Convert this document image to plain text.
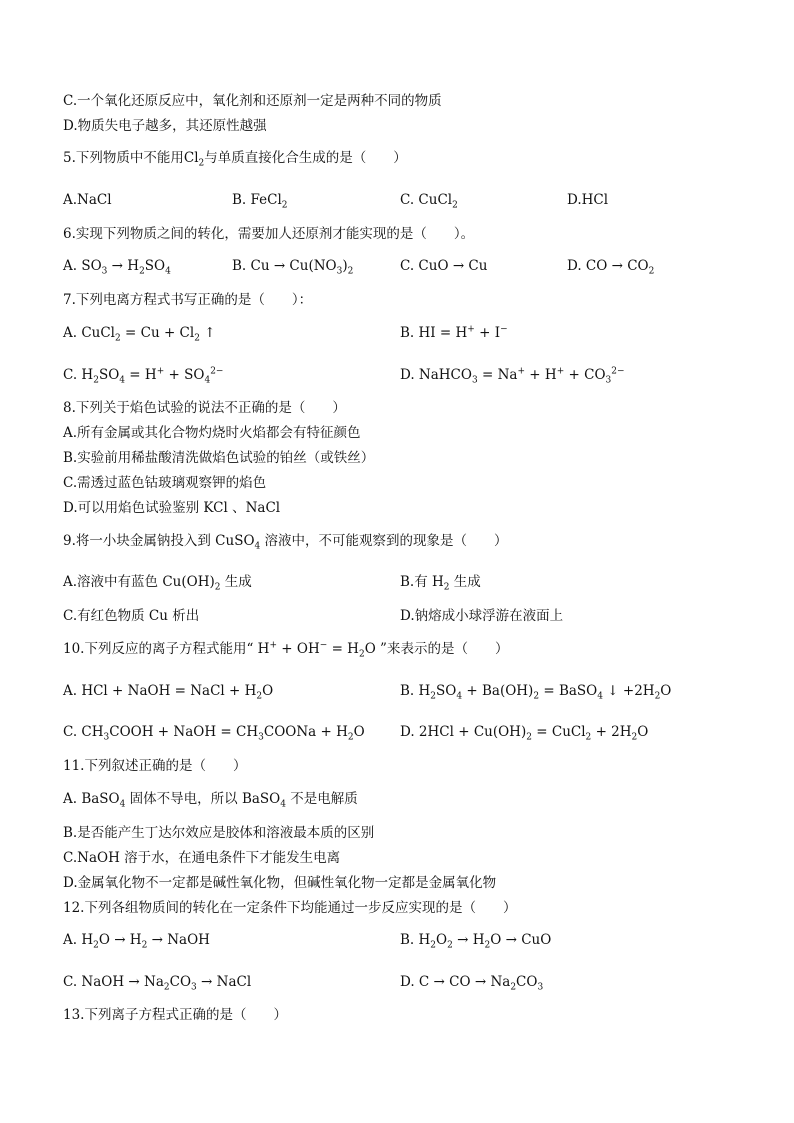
C.一个氧化还原反应中，氧化剂和还原剂一定是两种不同的物质
D.物质失电子越多，其还原性越强
5.下列物质中不能用$Cl_2$与单质直接化合生成的是（　　）
A.NaCl	B. FeCl$_2$	C. CuCl$_2$	D.HCl
6.实现下列物质之间的转化，需要加人还原剂才能实现的是（　　）。
A. $SO_3 \to H_2SO_4$	B. $Cu \to Cu(NO_3)_2$	C. CuO → Cu	D. CO → $CO_2$
7.下列电离方程式书写正确的是（　　）：
A. CuCl$_2$ = $Cu + Cl_2$ ↑	B. HI = H+ + I−
C. $H_2SO_4 = H^+ + SO_4^{2-}$	D. NaHCO$_3$ = $Na^+ + H^+ + CO_3^{2-}$
8.下列关于焰色试验的说法不正确的是（　　）
A.所有金属或其化合物灼烧时火焰都会有特征颜色
B.实验前用稀盐酸清洗做焰色试验的铂丝（或铁丝）
C.需透过蓝色钴玻璃观察钾的焰色
D.可以用焰色试验鉴别 KCl 、NaCl
9.将一小块金属钠投入到 CuSO$_4$ 溶液中，不可能观察到的现象是（　　）
A.溶液中有蓝色 $Cu(OH)_2$ 生成	B.有 $H_2$ 生成
C.有红色物质 Cu 析出	D.钠熔成小球浮游在液面上
10.下列反应的离子方程式能用“ $H^+ + OH^- = H_2O$ ”来表示的是（　　）
A. HCl + NaOH = NaCl + $H_2O$	B. $H_2SO_4 + Ba(OH)_2$ = BaSO$_4$ ↓ $+2H_2O$
C. $CH_3COOH$ + NaOH = $CH_3COONa + H_2O$	D. $2HCl + Cu(OH)_2$ = CuCl$_2$ + $2H_2O$
11.下列叙述正确的是（　　）
A. BaSO$_4$ 固体不导电，所以 BaSO$_4$ 不是电解质
B.是否能产生丁达尔效应是胶体和溶液最本质的区别
C.NaOH 溶于水，在通电条件下才能发生电离
D.金属氧化物不一定都是碱性氧化物，但碱性氧化物一定都是金属氧化物
12.下列各组物质间的转化在一定条件下均能通过一步反应实现的是（　　）
A. $H_2O \to H_2$ → NaOH	B. $H_2O_2 \to H_2O$ → CuO
C. NaOH → $Na_2CO_3$ → NaCl	D. C → CO → $Na_2CO_3$
13.下列离子方程式正确的是（　　）
